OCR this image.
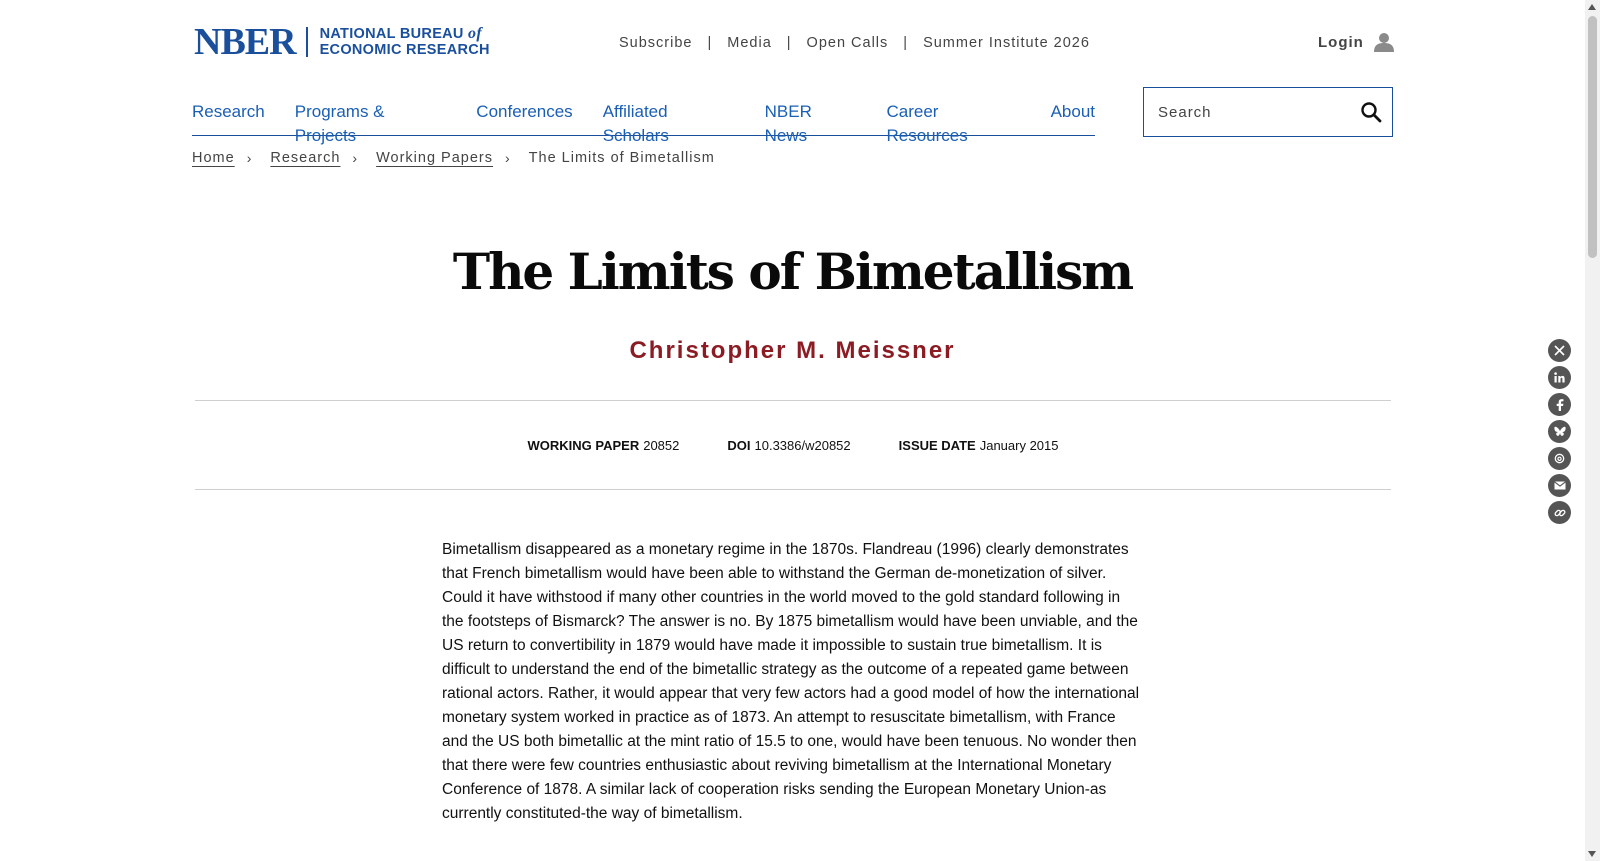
NBER NATIONAL BUREAU of
ECONOMIC RESEARCH	Subscribe | Media | Open Calls | Summer Institute 2026	Login
Research Programs & Projects
Conferences Affiliated Scholars
NBER News
Career Resources
About
Search
Home › Research › Working Papers › The Limits of Bimetallism
The Limits of Bimetallism
Christopher M. Meissner
WORKING PAPER 20852	DOI 10.3386/w20852	ISSUE DATE January 2015

Bimetallism disappeared as a monetary regime in the 1870s. Flandreau (1996) clearly demonstrates that French bimetallism would have been able to withstand the German de-monetization of silver. Could it have withstood if many other countries in the world moved to the gold standard following in the footsteps of Bismarck? The answer is no. By 1875 bimetallism would have been unviable, and the US return to convertibility in 1879 would have made it impossible to sustain true bimetallism. It is difficult to understand the end of the bimetallic strategy as the outcome of a repeated game between rational actors. Rather, it would appear that very few actors had a good model of how the international monetary system worked in practice as of 1873. An attempt to resuscitate bimetallism, with France and the US both bimetallic at the mint ratio of 15.5 to one, would have been tenuous. No wonder then that there were few countries enthusiastic about reviving bimetallism at the International Monetary Conference of 1878. A similar lack of cooperation risks sending the European Monetary Union-as currently constituted-the way of bimetallism.
